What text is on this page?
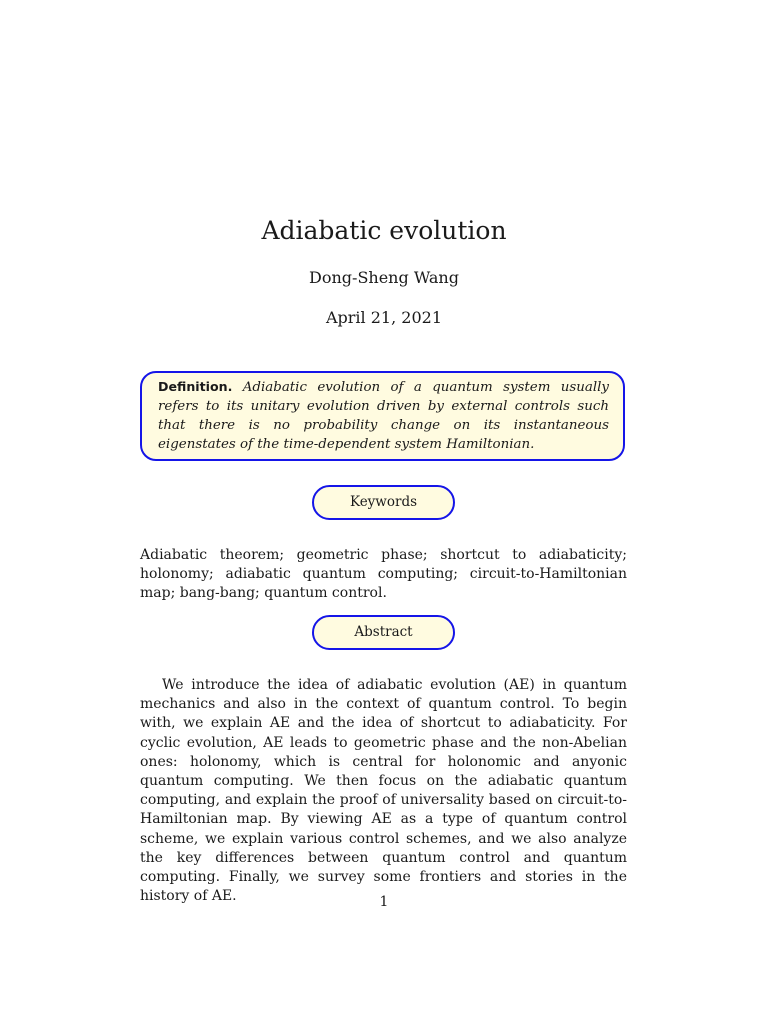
Adiabatic evolution
Dong-Sheng Wang
April 21, 2021
Definition. Adiabatic evolution of a quantum system usually refers to its unitary evolution driven by external controls such that there is no probability change on its instantaneous eigenstates of the time-dependent system Hamiltonian.
Keywords
Adiabatic theorem; geometric phase; shortcut to adiabaticity; holonomy; adiabatic quantum computing; circuit-to-Hamiltonian map; bang-bang; quantum control.
Abstract
We introduce the idea of adiabatic evolution (AE) in quantum mechanics and also in the context of quantum control. To begin with, we explain AE and the idea of shortcut to adiabaticity. For cyclic evolution, AE leads to geometric phase and the non-Abelian ones: holonomy, which is central for holonomic and anyonic quantum computing. We then focus on the adiabatic quantum computing, and explain the proof of universality based on circuit-to-Hamiltonian map. By viewing AE as a type of quantum control scheme, we explain various control schemes, and we also analyze the key differences between quantum control and quantum computing. Finally, we survey some frontiers and stories in the history of AE.	1
